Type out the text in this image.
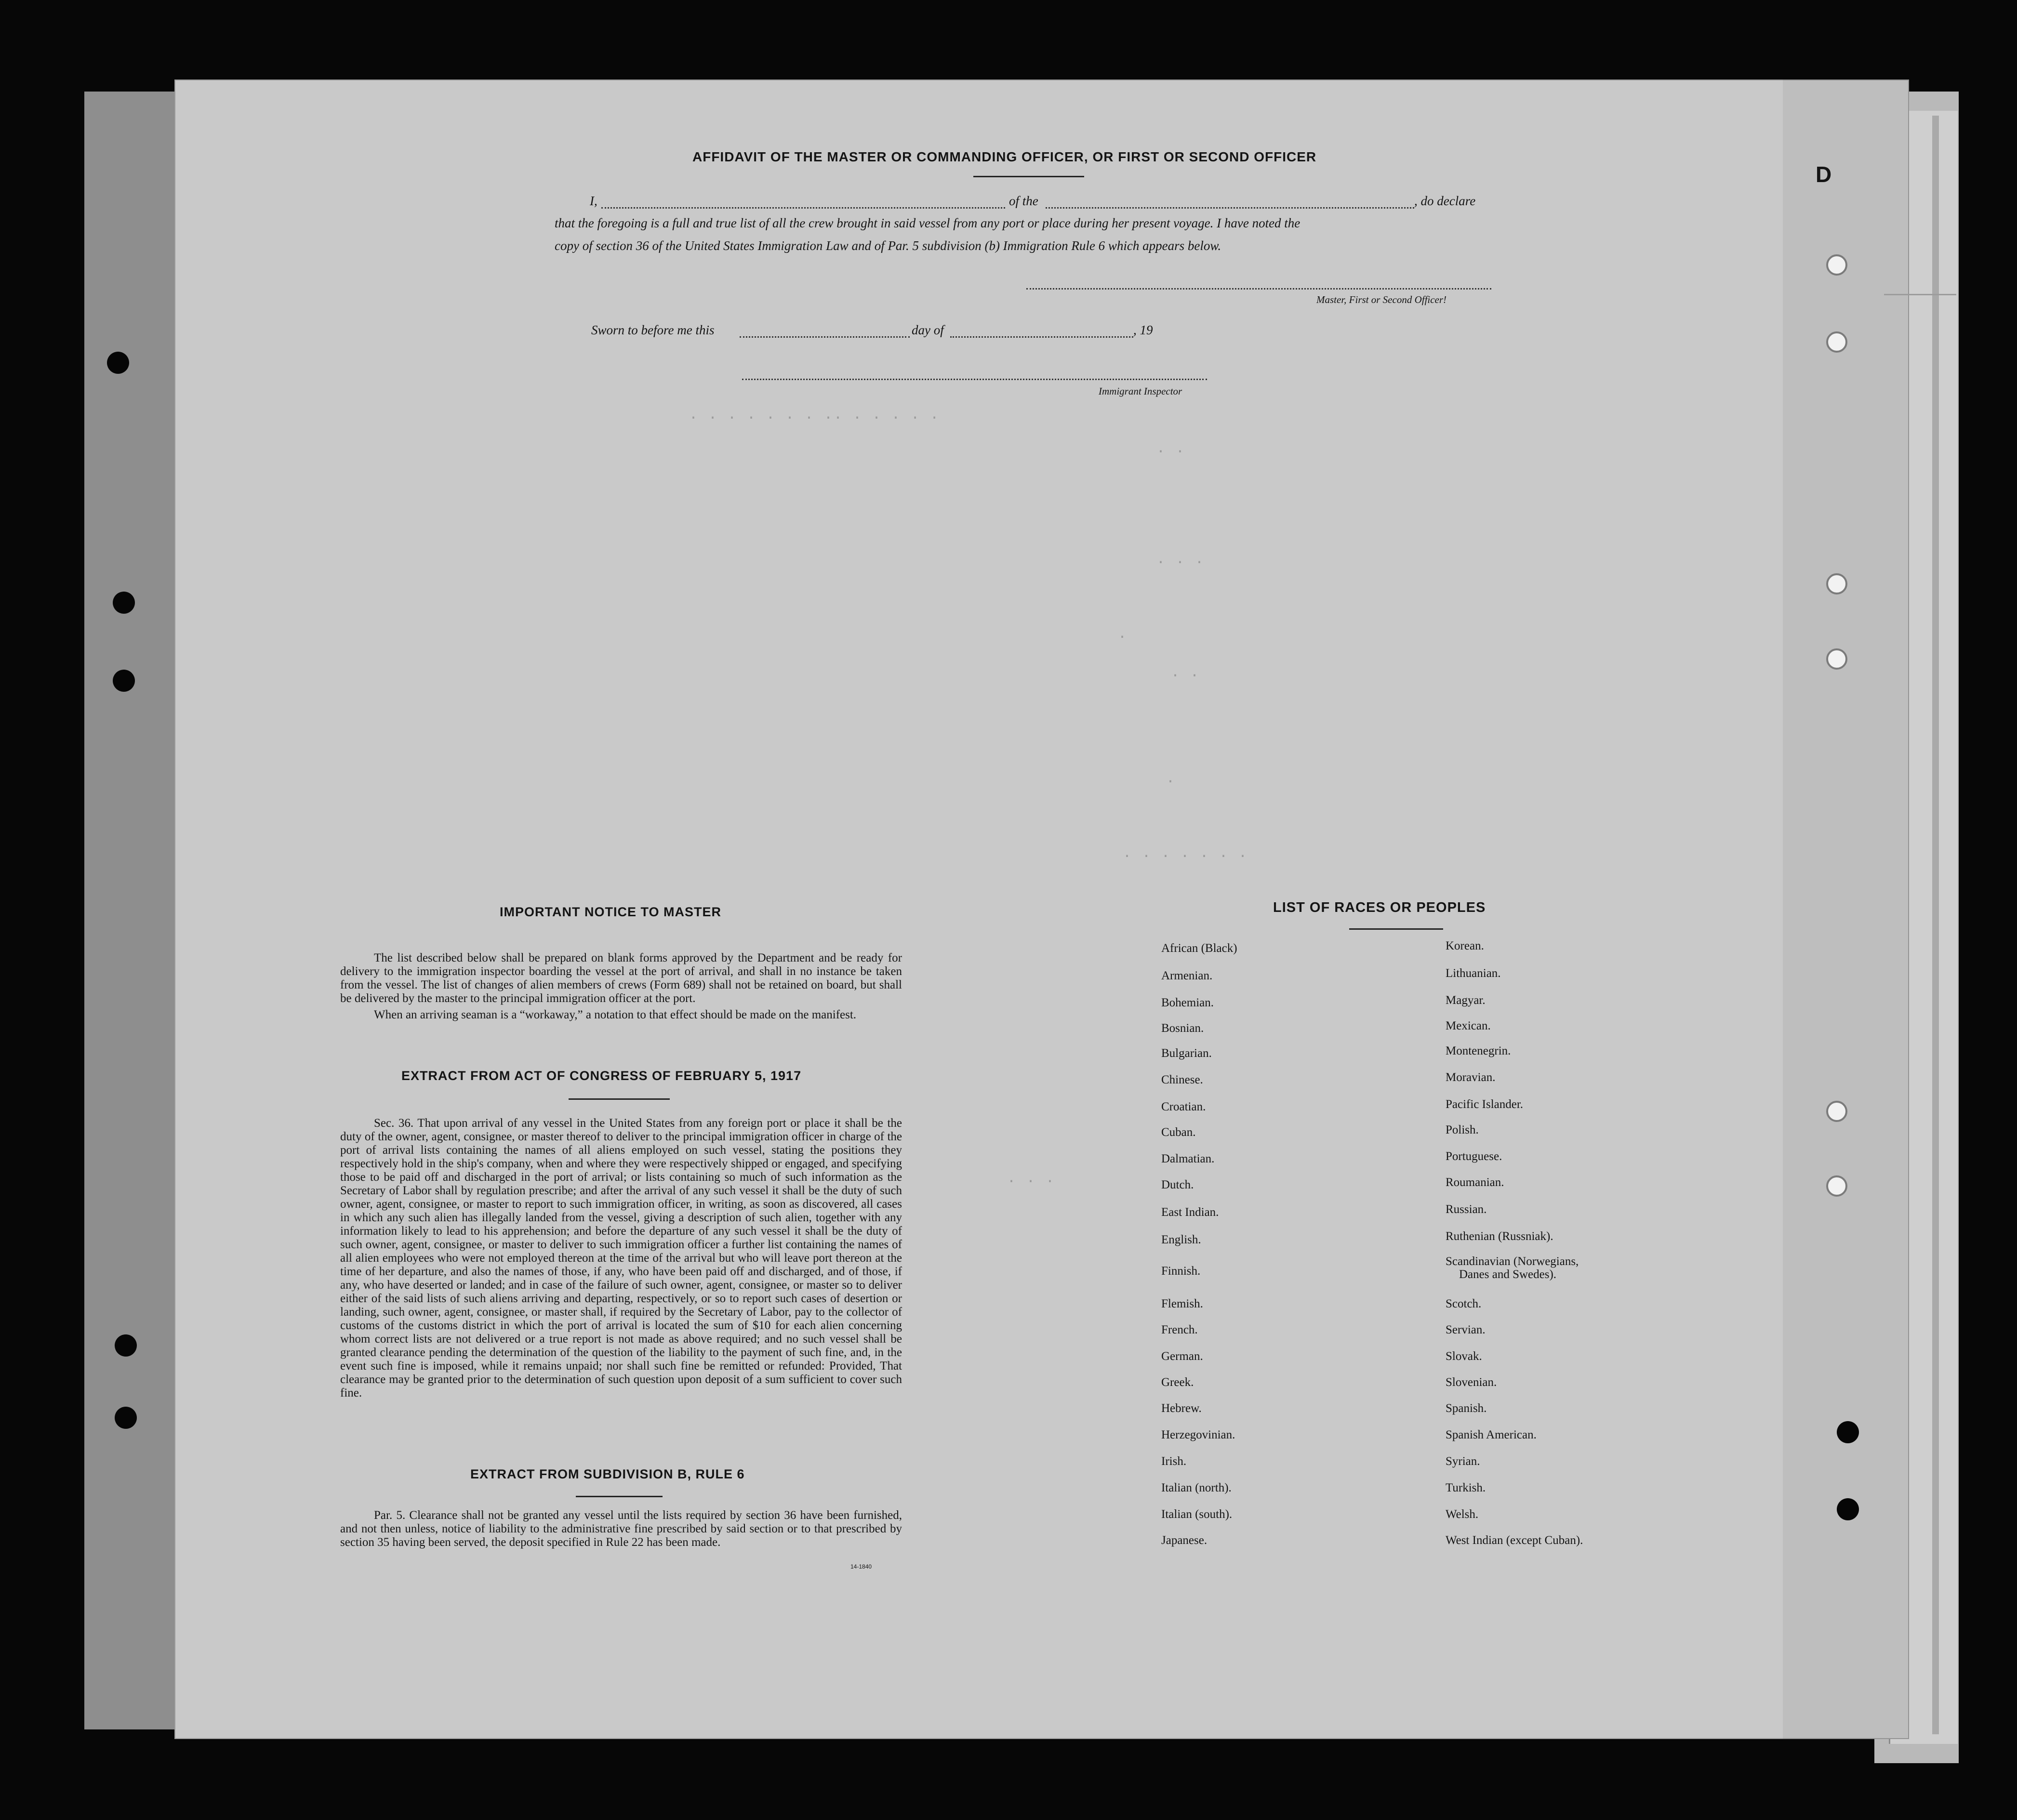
D
. . . . . . . .. . . . . .
. .
. . .
.
. .
.
. . . . . . .
. . .
AFFIDAVIT OF THE MASTER OR COMMANDING OFFICER, OR FIRST OR SECOND OFFICER
I,	of the	, do declare
that the foregoing is a full and true list of all the crew brought in said vessel from any port or place during her present voyage. I have noted the
copy of section 36 of the United States Immigration Law and of Par. 5 subdivision (b) Immigration Rule 6 which appears below.
Master, First or Second Officer!
Sworn to before me this	day of	, 19
Immigrant Inspector
IMPORTANT NOTICE TO MASTER

The list described below shall be prepared on blank forms approved by the Department and be ready for delivery to the immigration inspector boarding the vessel at the port of arrival, and shall in no instance be taken from the vessel. The list of changes of alien members of crews (Form 689) shall not be retained on board, but shall be delivered by the master to the principal immigration officer at the port.

When an arriving seaman is a “workaway,” a notation to that effect should be made on the manifest.

EXTRACT FROM ACT OF CONGRESS OF FEBRUARY 5, 1917

Sec. 36. That upon arrival of any vessel in the United States from any foreign port or place it shall be the duty of the owner, agent, consignee, or master thereof to deliver to the principal immigration officer in charge of the port of arrival lists containing the names of all aliens employed on such vessel, stating the positions they respectively hold in the ship's company, when and where they were respectively shipped or engaged, and specifying those to be paid off and discharged in the port of arrival; or lists containing so much of such information as the Secretary of Labor shall by regulation prescribe; and after the arrival of any such vessel it shall be the duty of such owner, agent, consignee, or master to report to such immigration officer, in writing, as soon as discovered, all cases in which any such alien has illegally landed from the vessel, giving a description of such alien, together with any information likely to lead to his apprehension; and before the departure of any such vessel it shall be the duty of such owner, agent, consignee, or master to deliver to such immigration officer a further list containing the names of all alien employees who were not employed thereon at the time of the arrival but who will leave port thereon at the time of her departure, and also the names of those, if any, who have been paid off and discharged, and of those, if any, who have deserted or landed; and in case of the failure of such owner, agent, consignee, or master so to deliver either of the said lists of such aliens arriving and departing, respectively, or so to report such cases of desertion or landing, such owner, agent, consignee, or master shall, if required by the Secretary of Labor, pay to the collector of customs of the customs district in which the port of arrival is located the sum of $10 for each alien concerning whom correct lists are not delivered or a true report is not made as above required; and no such vessel shall be granted clearance pending the determination of the question of the liability to the payment of such fine, and, in the event such fine is imposed, while it remains unpaid; nor shall such fine be remitted or refunded: Provided, That clearance may be granted prior to the determination of such question upon deposit of a sum sufficient to cover such fine.

EXTRACT FROM SUBDIVISION B, RULE 6

Par. 5. Clearance shall not be granted any vessel until the lists required by section 36 have been furnished, and not then unless, notice of liability to the administrative fine prescribed by said section or to that prescribed by section 35 having been served, the deposit specified in Rule 22 has been made.

14-1840
LIST OF RACES OR PEOPLES
African (Black)
Armenian.
Bohemian.
Bosnian.
Bulgarian.
Chinese.
Croatian.
Cuban.
Dalmatian.
Dutch.
East Indian.
English.
Finnish.
Flemish.
French.
German.
Greek.
Hebrew.
Herzegovinian.
Irish.
Italian (north).
Italian (south).
Japanese.
Korean.
Lithuanian.
Magyar.
Mexican.
Montenegrin.
Moravian.
Pacific Islander.
Polish.
Portuguese.
Roumanian.
Russian.
Ruthenian (Russniak).
Scandinavian (Norwegians,
Danes and Swedes).
Scotch.
Servian.
Slovak.
Slovenian.
Spanish.
Spanish American.
Syrian.
Turkish.
Welsh.
West Indian (except Cuban).
